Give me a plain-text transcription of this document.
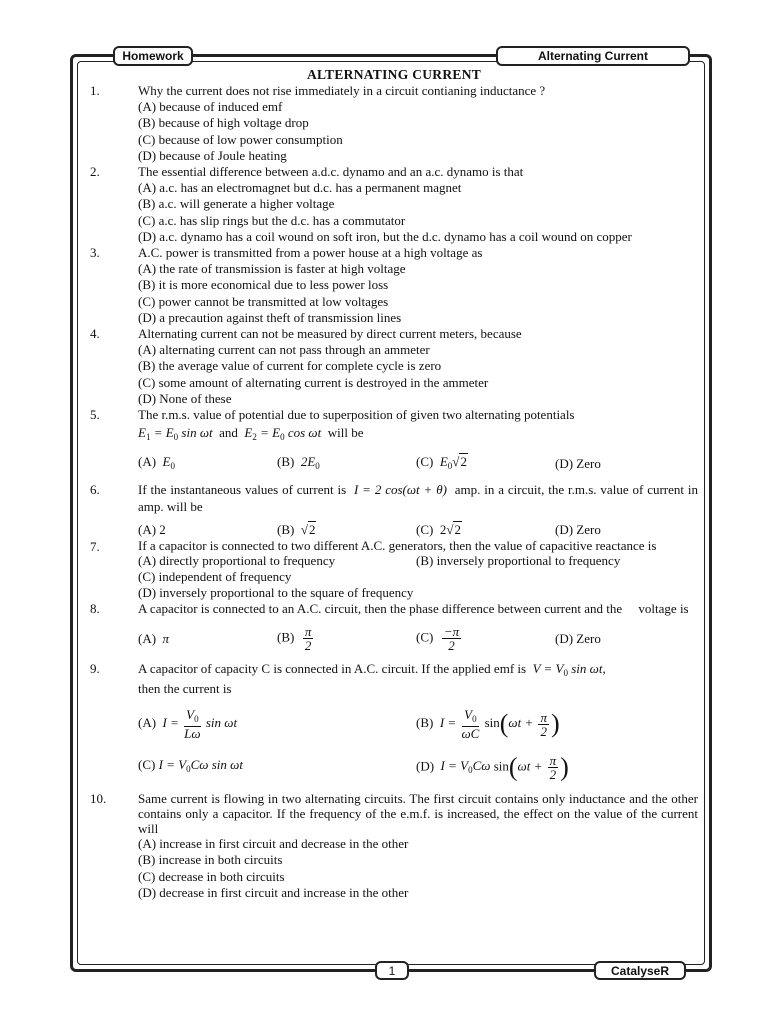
Homework	Alternating Current
ALTERNATING CURRENT
1.	Why the current does not rise immediately in a circuit contianing inductance ?
(A) because of induced emf
(B) because of high voltage drop
(C) because of low power consumption
(D) because of Joule heating
2.	The essential difference between a.d.c. dynamo and an a.c. dynamo is that
(A) a.c. has an electromagnet but d.c. has a permanent magnet
(B) a.c. will generate a higher voltage
(C) a.c. has slip rings but the d.c. has a commutator
(D) a.c. dynamo has a coil wound on soft iron, but the d.c. dynamo has a coil wound on copper
3.	A.C. power is transmitted from a power house at a high voltage as
(A) the rate of transmission is faster at high voltage
(B) it is more economical due to less power loss
(C) power cannot be transmitted at low voltages
(D) a precaution against theft of transmission lines
4.	Alternating current can not be measured by direct current meters, because
(A) alternating current can not pass through an ammeter
(B) the average value of current for complete cycle is zero
(C) some amount of alternating current is destroyed in the ammeter
(D) None of these
5.	The r.m.s. value of potential due to superposition of given two alternating potentials
$E_1 = E_0$ sin ωt and $E_2 = E_0$ cos ωt will be
(A) $E_0$	(B) $2E_0$	(C) $E_0√2$	(D) Zero
6.	If the instantaneous values of current is  I = 2 cos(ωt + θ)  amp. in a circuit, the r.m.s. value of current in amp. will be
(A) 2	(B)  √2	(C)  2√2	(D) Zero
7.	If a capacitor is connected to two different A.C. generators, then the value of capacitive reactance is
(A) directly proportional to frequency	(B) inversely proportional to frequency
(C) independent of frequency
(D) inversely proportional to the square of frequency
8.	A capacitor is connected to an A.C. circuit, then the phase difference between current and the     voltage is
(A) π	$(B) \frac{\pi}{2}$	$(C) \frac{-\pi}{2}$	(D) Zero
9.	A capacitor of capacity C is connected in A.C. circuit. If the applied emf is  $V = V_0$ sin ωt,
then the current is
(A) $I = \frac{V_0}{L\omega}$ sin ωt	(B) $I = \frac{V_0}{\omega C} \sin(\omega t + \frac{\pi}{2}$ )
(C) $I = V_0C\omega$ sin ωt	(D) $I = V_0C\omega$ $\sin(\omega t + \frac{\pi}{2}$ )
10.	Same current is flowing in two alternating circuits. The first circuit contains only inductance and the other contains only a capacitor. If the frequency of the e.m.f. is increased, the effect on the value of the current will
(A) increase in first circuit and decrease in the other
(B) increase in both circuits
(C) decrease in both circuits
(D) decrease in first circuit and increase in the other
1	CatalyseR
